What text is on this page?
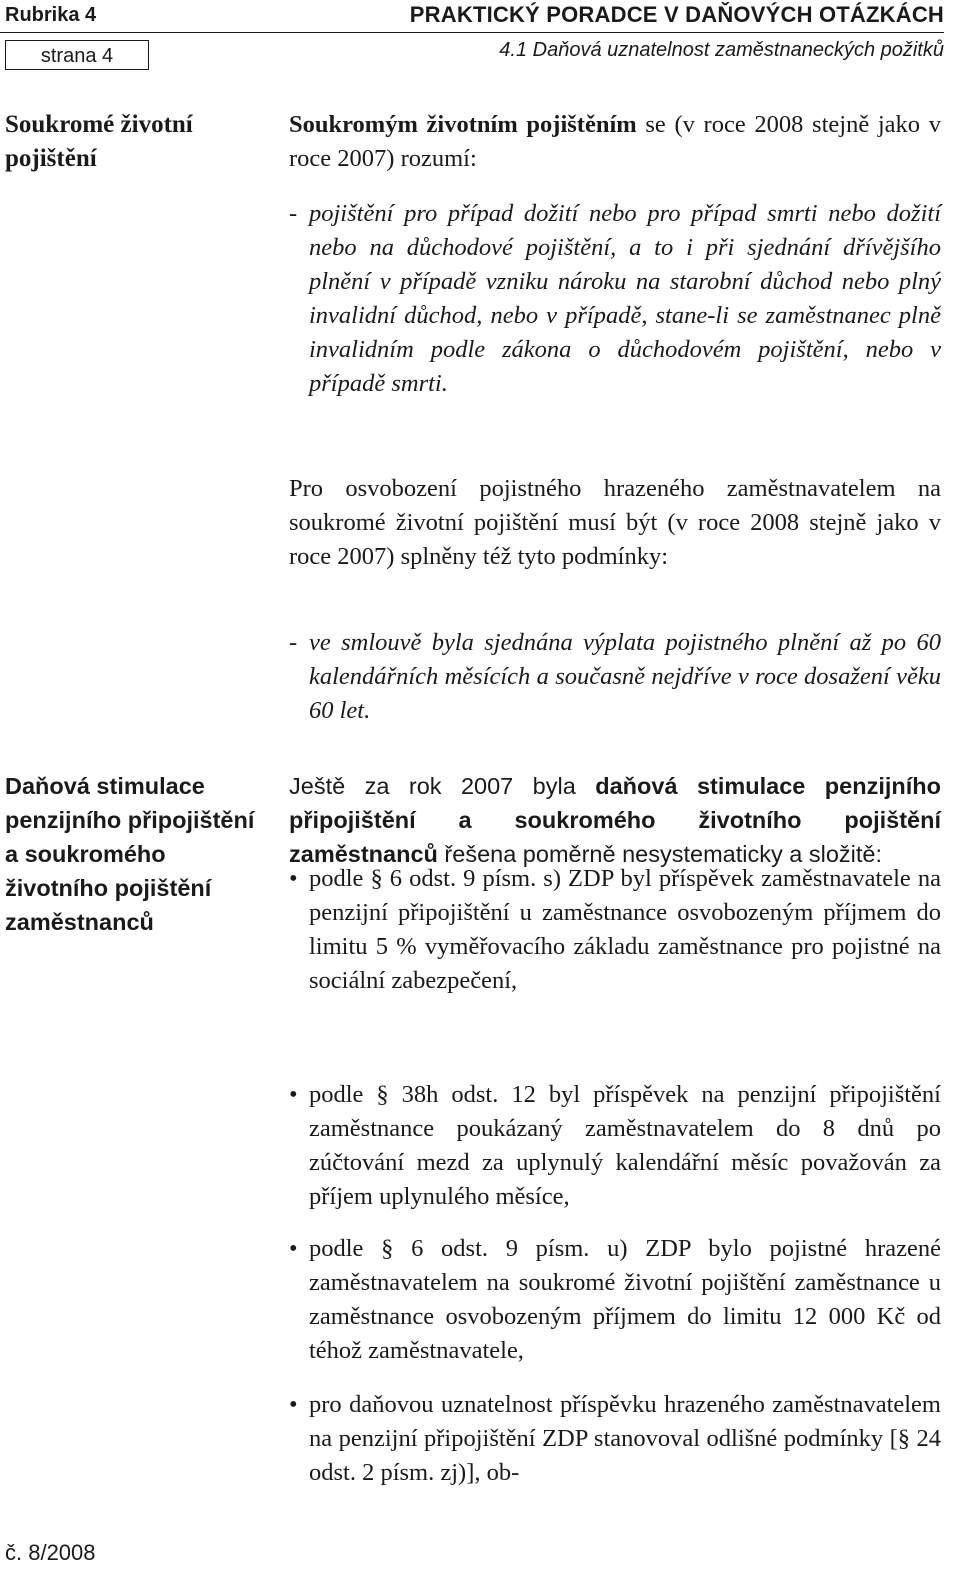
Rubrika 4	PRAKTICKÝ PORADCE V DAŇOVÝCH OTÁZKÁCH
strana 4	4.1 Daňová uznatelnost zaměstnaneckých požitků
Soukromé životní pojištění

Soukromým životním pojištěním se (v roce 2008 stejně jako v roce 2007) rozumí:

- pojištění pro případ dožití nebo pro případ smrti nebo dožití nebo na důchodové pojištění, a to i při sjednání dřívějšího plnění v případě vzniku nároku na starobní důchod nebo plný invalidní důchod, nebo v případě, stane-li se zaměstnanec plně invalidním podle zákona o důchodovém pojištění, nebo v případě smrti.

Pro osvobození pojistného hrazeného zaměstnavatelem na soukromé životní pojištění musí být (v roce 2008 stejně jako v roce 2007) splněny též tyto podmínky:

- ve smlouvě byla sjednána výplata pojistného plnění až po 60 kalendářních měsících a současně nejdříve v roce dosažení věku 60 let.
Daňová stimulace penzijního připojištění a soukromého životního pojištění zaměstnanců

Ještě za rok 2007 byla daňová stimulace penzijního připojištění a soukromého životního pojištění zaměstnanců řešena poměrně nesystematicky a složitě:

• podle § 6 odst. 9 písm. s) ZDP byl příspěvek zaměstnavatele na penzijní připojištění u zaměstnance osvobozeným příjmem do limitu 5 % vyměřovacího základu zaměstnance pro pojistné na sociální zabezpečení,
• podle § 38h odst. 12 byl příspěvek na penzijní připojištění zaměstnance poukázaný zaměstnavatelem do 8 dnů po zúčtování mezd za uplynulý kalendářní měsíc považován za příjem uplynulého měsíce,
• podle § 6 odst. 9 písm. u) ZDP bylo pojistné hrazené zaměstnavatelem na soukromé životní pojištění zaměstnance u zaměstnance osvobozeným příjmem do limitu 12 000 Kč od téhož zaměstnavatele,
• pro daňovou uznatelnost příspěvku hrazeného zaměstnavatelem na penzijní připojištění ZDP stanovoval odlišné podmínky [§ 24 odst. 2 písm. zj)], ob-
č. 8/2008
